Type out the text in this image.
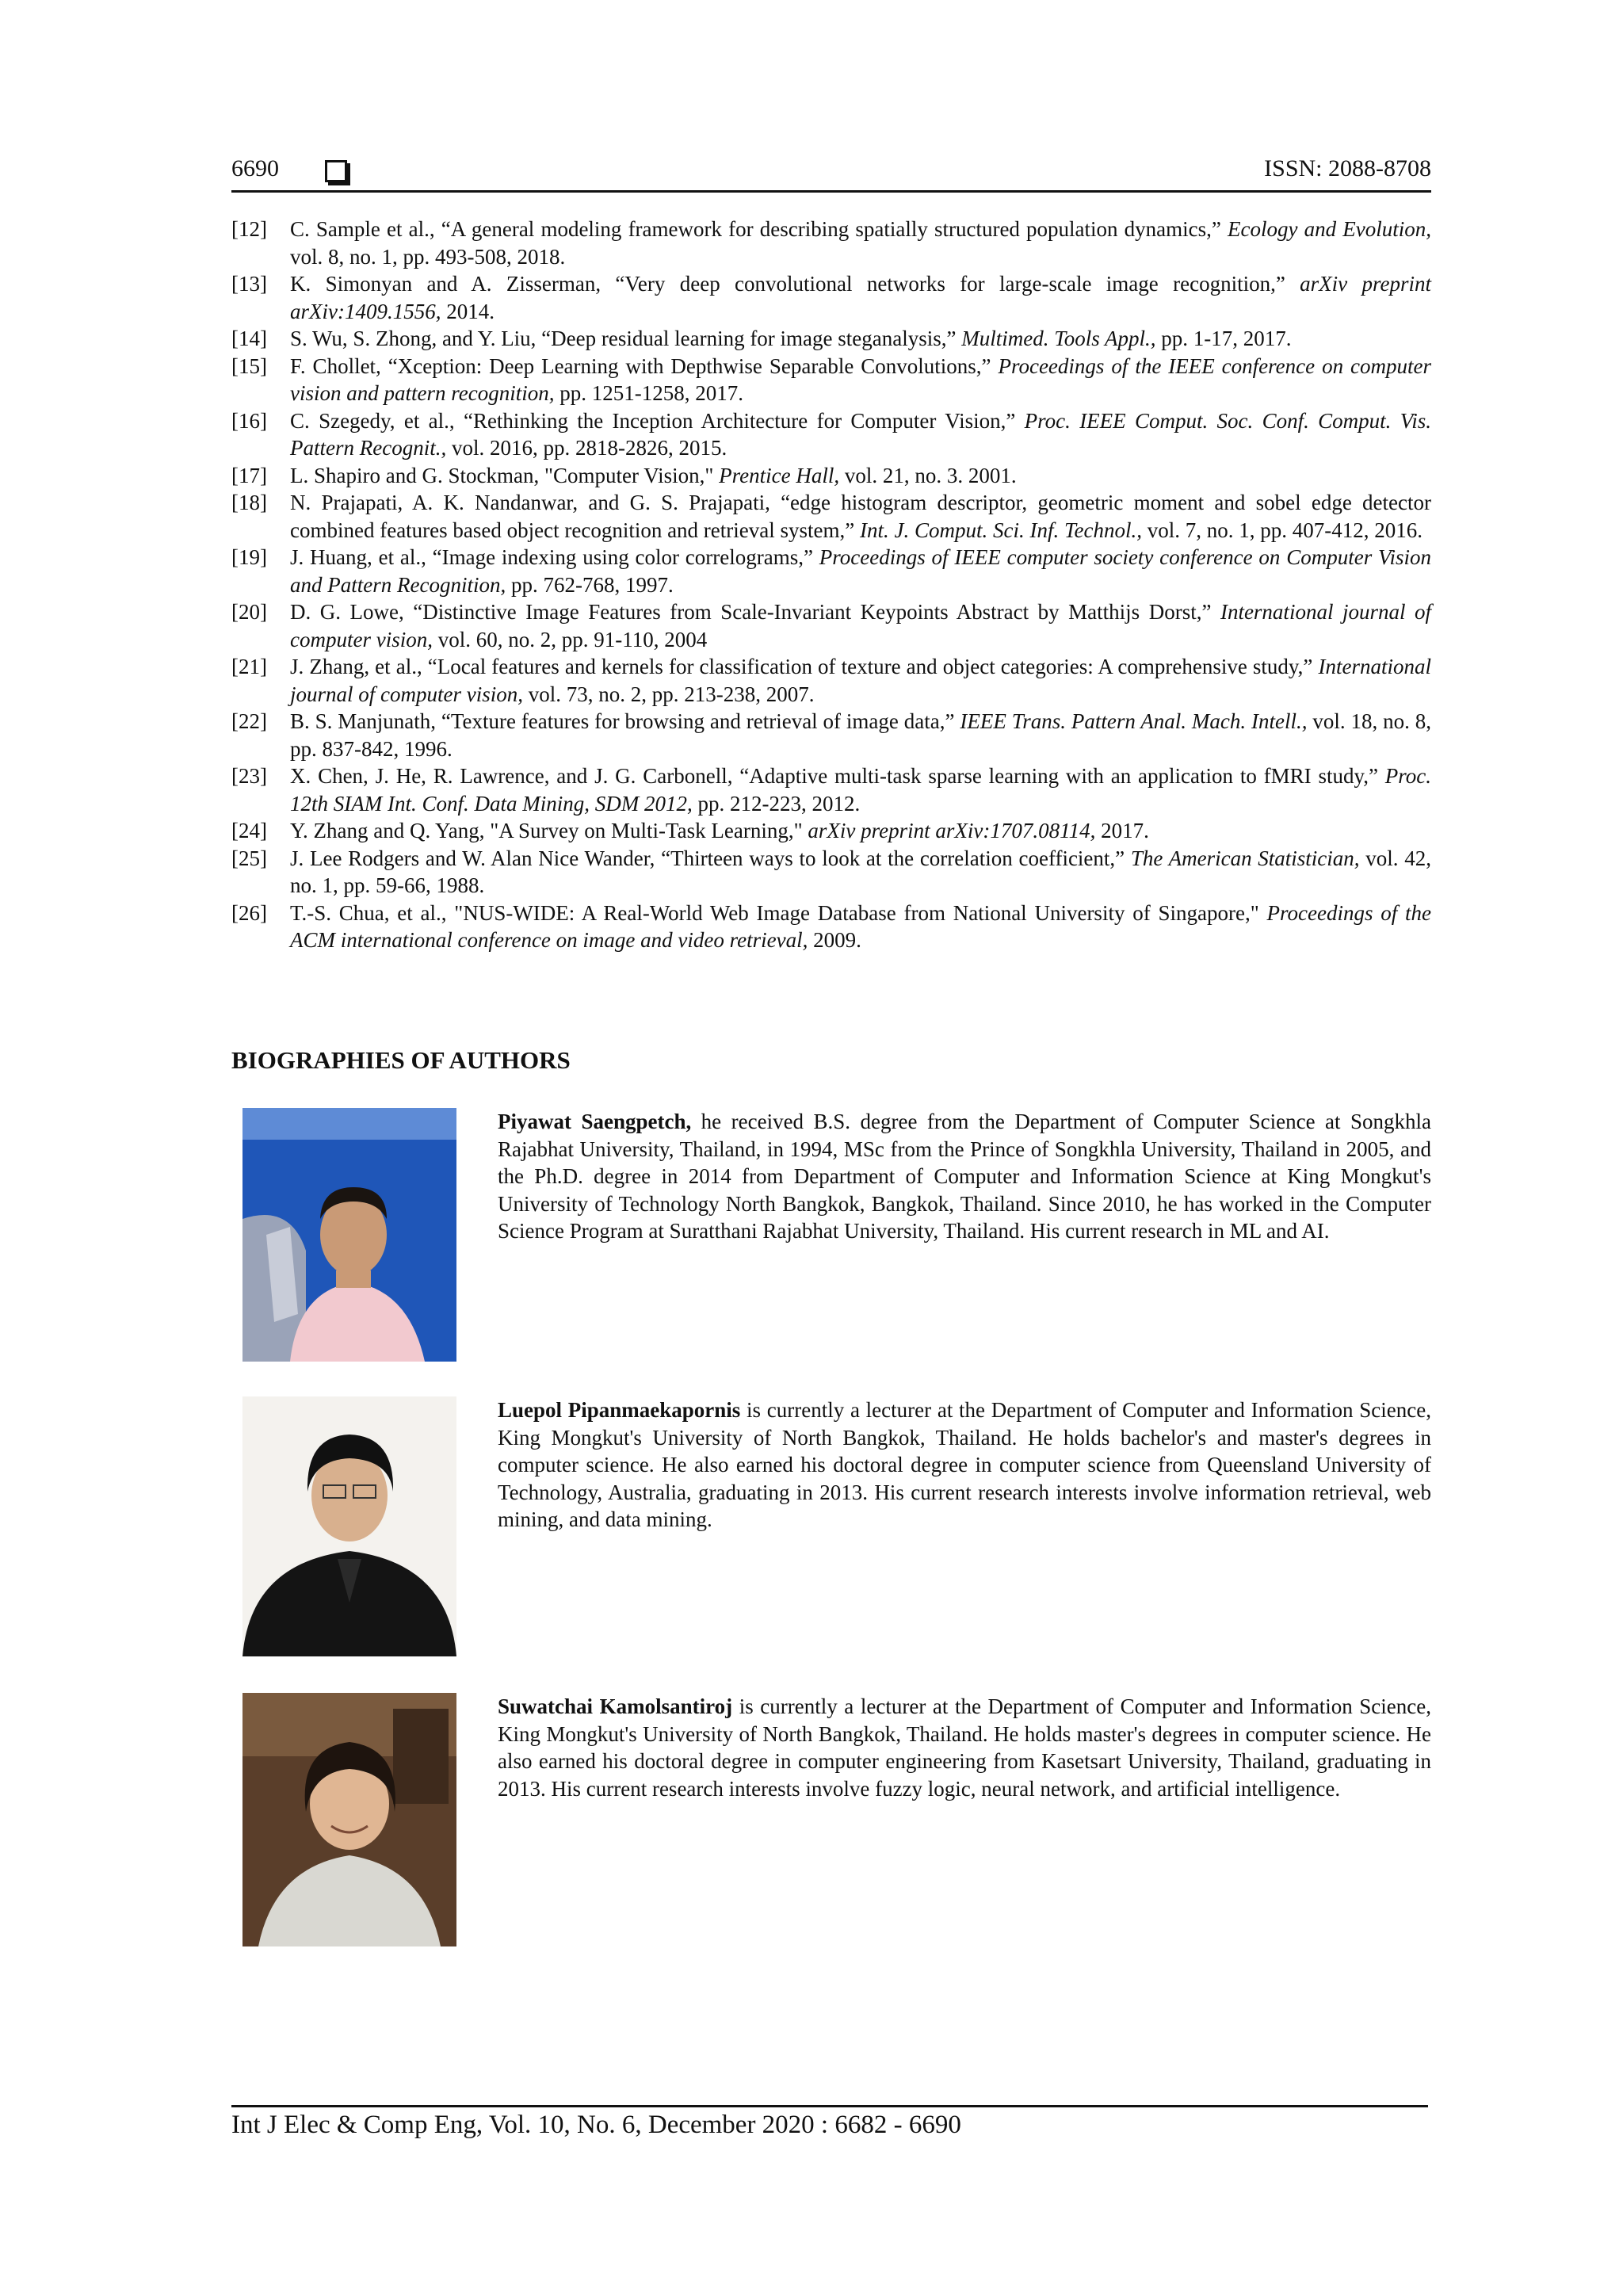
6690	ISSN: 2088-8708
[12]	C. Sample et al., “A general modeling framework for describing spatially structured population dynamics,” Ecology and Evolution, vol. 8, no. 1, pp. 493-508, 2018.
[13]	K. Simonyan and A. Zisserman, “Very deep convolutional networks for large-scale image recognition,” arXiv preprint arXiv:1409.1556, 2014.
[14]	S. Wu, S. Zhong, and Y. Liu, “Deep residual learning for image steganalysis,” Multimed. Tools Appl., pp. 1-17, 2017.
[15]	F. Chollet, “Xception: Deep Learning with Depthwise Separable Convolutions,” Proceedings of the IEEE conference on computer vision and pattern recognition, pp. 1251-1258, 2017.
[16]	C. Szegedy, et al., “Rethinking the Inception Architecture for Computer Vision,” Proc. IEEE Comput. Soc. Conf. Comput. Vis. Pattern Recognit., vol. 2016, pp. 2818-2826, 2015.
[17]	L. Shapiro and G. Stockman, "Computer Vision," Prentice Hall, vol. 21, no. 3. 2001.
[18]	N. Prajapati, A. K. Nandanwar, and G. S. Prajapati, “edge histogram descriptor, geometric moment and sobel edge detector combined features based object recognition and retrieval system,” Int. J. Comput. Sci. Inf. Technol., vol. 7, no. 1, pp. 407-412, 2016.
[19]	J. Huang, et al., “Image indexing using color correlograms,” Proceedings of IEEE computer society conference on Computer Vision and Pattern Recognition, pp. 762-768, 1997.
[20]	D. G. Lowe, “Distinctive Image Features from Scale-Invariant Keypoints Abstract by Matthijs Dorst,” International journal of computer vision, vol. 60, no. 2, pp. 91-110, 2004
[21]	J. Zhang, et al., “Local features and kernels for classification of texture and object categories: A comprehensive study,” International journal of computer vision, vol. 73, no. 2, pp. 213-238, 2007.
[22]	B. S. Manjunath, “Texture features for browsing and retrieval of image data,” IEEE Trans. Pattern Anal. Mach. Intell., vol. 18, no. 8, pp. 837-842, 1996.
[23]	X. Chen, J. He, R. Lawrence, and J. G. Carbonell, “Adaptive multi-task sparse learning with an application to fMRI study,” Proc. 12th SIAM Int. Conf. Data Mining, SDM 2012, pp. 212-223, 2012.
[24]	Y. Zhang and Q. Yang, "A Survey on Multi-Task Learning," arXiv preprint arXiv:1707.08114, 2017.
[25]	J. Lee Rodgers and W. Alan Nice Wander, “Thirteen ways to look at the correlation coefficient,” The American Statistician, vol. 42, no. 1, pp. 59-66, 1988.
[26]	T.-S. Chua, et al., "NUS-WIDE: A Real-World Web Image Database from National University of Singapore," Proceedings of the ACM international conference on image and video retrieval, 2009.
BIOGRAPHIES OF AUTHORS
Piyawat Saengpetch, he received B.S. degree from the Department of Computer Science at Songkhla Rajabhat University, Thailand, in 1994, MSc from the Prince of Songkhla University, Thailand in 2005, and the Ph.D. degree in 2014 from Department of Computer and Information Science at King Mongkut's University of Technology North Bangkok, Bangkok, Thailand. Since 2010, he has worked in the Computer Science Program at Suratthani Rajabhat University, Thailand. His current research in ML and AI.
Luepol Pipanmaekapornis is currently a lecturer at the Department of Computer and Information Science, King Mongkut's University of North Bangkok, Thailand. He holds bachelor's and master's degrees in computer science. He also earned his doctoral degree in computer science from Queensland University of Technology, Australia, graduating in 2013. His current research interests involve information retrieval, web mining, and data mining.
Suwatchai Kamolsantiroj is currently a lecturer at the Department of Computer and Information Science, King Mongkut's University of North Bangkok, Thailand. He holds master's degrees in computer science. He also earned his doctoral degree in computer engineering from Kasetsart University, Thailand, graduating in 2013. His current research interests involve fuzzy logic, neural network, and artificial intelligence.
Int J Elec & Comp Eng, Vol. 10, No. 6, December 2020 : 6682 - 6690
